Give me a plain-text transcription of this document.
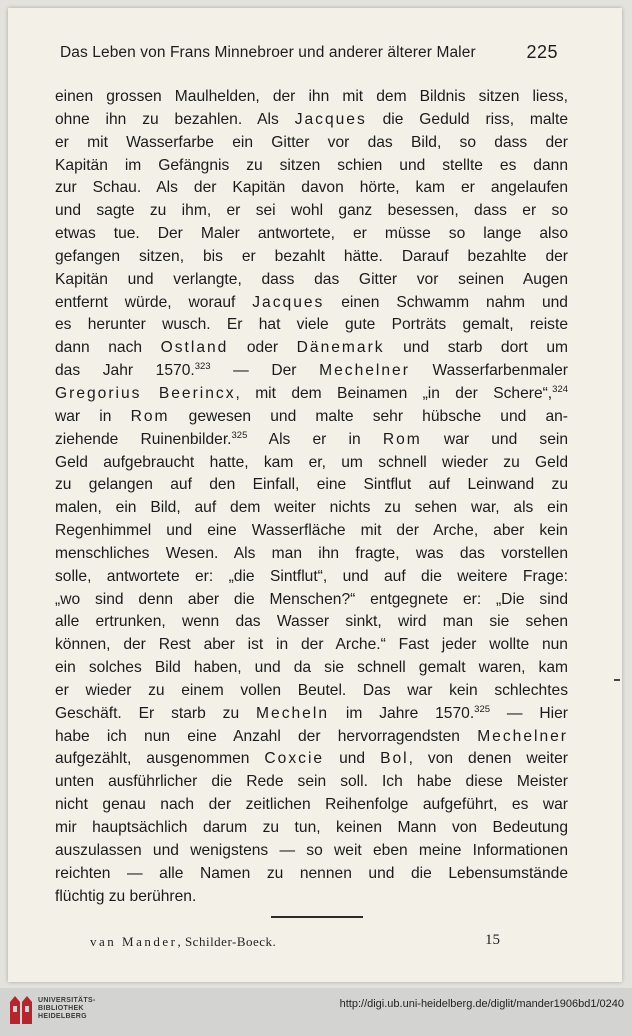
Das Leben von Frans Minnebroer und anderer älterer Maler	225
einen grossen Maulhelden, der ihn mit dem Bildnis sitzen liess,
ohne ihn zu bezahlen. Als Jacques die Geduld riss, malte
er mit Wasserfarbe ein Gitter vor das Bild, so dass der
Kapitän im Gefängnis zu sitzen schien und stellte es dann
zur Schau. Als der Kapitän davon hörte, kam er angelaufen
und sagte zu ihm, er sei wohl ganz besessen, dass er so
etwas tue. Der Maler antwortete, er müsse so lange also
gefangen sitzen, bis er bezahlt hätte. Darauf bezahlte der
Kapitän und verlangte, dass das Gitter vor seinen Augen
entfernt würde, worauf Jacques einen Schwamm nahm und
es herunter wusch. Er hat viele gute Porträts gemalt, reiste
dann nach Ostland oder Dänemark und starb dort um
das Jahr 1570.$^{323}$ — Der Mechelner Wasserfarbenmaler
Gregorius Beerincx, mit dem Beinamen „in der Schere“,$^{324}$
war in Rom gewesen und malte sehr hübsche und an-
ziehende Ruinenbilder.$^{325}$ Als er in Rom war und sein
Geld aufgebraucht hatte, kam er, um schnell wieder zu Geld
zu gelangen auf den Einfall, eine Sintflut auf Leinwand zu
malen, ein Bild, auf dem weiter nichts zu sehen war, als ein
Regenhimmel und eine Wasserfläche mit der Arche, aber kein
menschliches Wesen. Als man ihn fragte, was das vorstellen
solle, antwortete er: „die Sintflut“, und auf die weitere Frage:
„wo sind denn aber die Menschen?“ entgegnete er: „Die sind
alle ertrunken, wenn das Wasser sinkt, wird man sie sehen
können, der Rest aber ist in der Arche.“ Fast jeder wollte nun
ein solches Bild haben, und da sie schnell gemalt waren, kam
er wieder zu einem vollen Beutel. Das war kein schlechtes
Geschäft. Er starb zu Mecheln im Jahre 1570.$^{325}$ — Hier
habe ich nun eine Anzahl der hervorragendsten Mechelner
aufgezählt, ausgenommen Coxcie und Bol, von denen weiter
unten ausführlicher die Rede sein soll. Ich habe diese Meister
nicht genau nach der zeitlichen Reihenfolge aufgeführt, es war
mir hauptsächlich darum zu tun, keinen Mann von Bedeutung
auszulassen und wenigstens — so weit eben meine Informationen
reichten — alle Namen zu nennen und die Lebensumstände
flüchtig zu berühren.
van Mander, Schilder-Boeck.	15
UNIVERSITÄTS-
BIBLIOTHEK
HEIDELBERG
http://digi.ub.uni-heidelberg.de/diglit/mander1906bd1/0240
